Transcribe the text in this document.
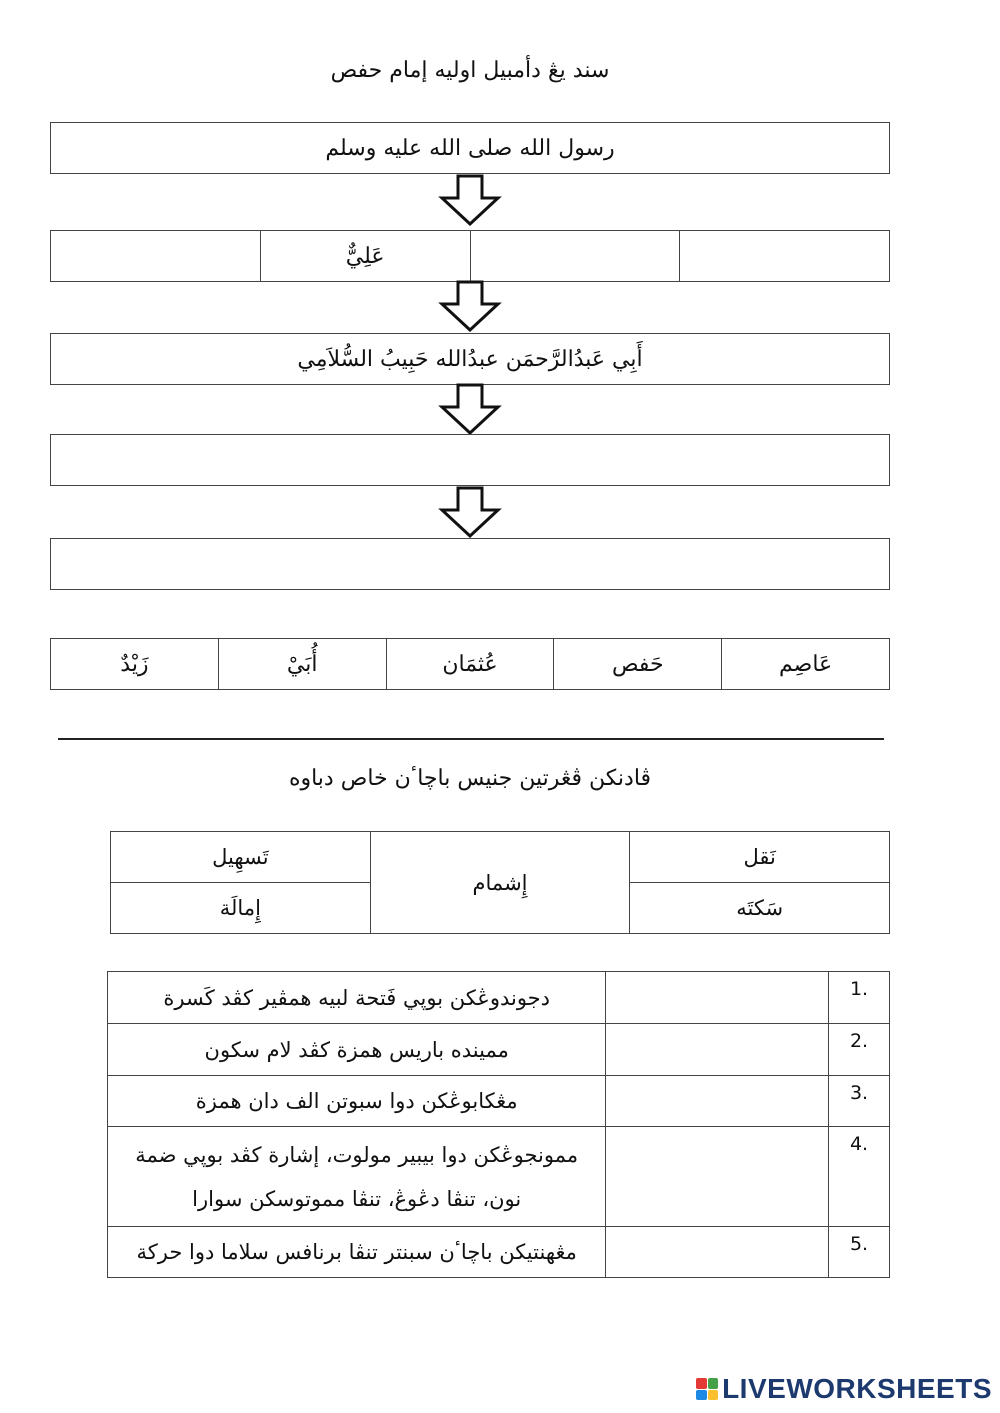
سند يڠ دأمبيل اوليه إمام حفص
رسول الله صلى الله عليه وسلم
عَلِيٌّ
أَبِي عَبدُالرَّحمَن عبدُالله حَبِيبُ السُّلاَمِي
عَاصِم
حَفص
عُثمَان
أُبَيْ
زَيْدٌ
ڤادنكن ڤڠرتين جنيس باچاٴن خاص دباوه
تَسهِيل	إِشمام	نَقل
إِمالَة		سَكتَه
دجوندوڠكن بوڽي فَتحة لبيه همڤير كڤد كَسرة		1.
ممينده باريس همزة كڤد لام سكون		2.
مڠكابوڠكن دوا سبوتن الف دان همزة		3.
ممونجوڠكن دوا بيبير مولوت، إشارة كڤد بوڽي ضمة نون، تنڤا دڠوڠ، تنڤا مموتوسكن سوارا		4.
مڠهنتيكن باچاٴن سبنتر تنڤا برنافس سلاما دوا حركة		5.
LIVEWORKSHEETS
